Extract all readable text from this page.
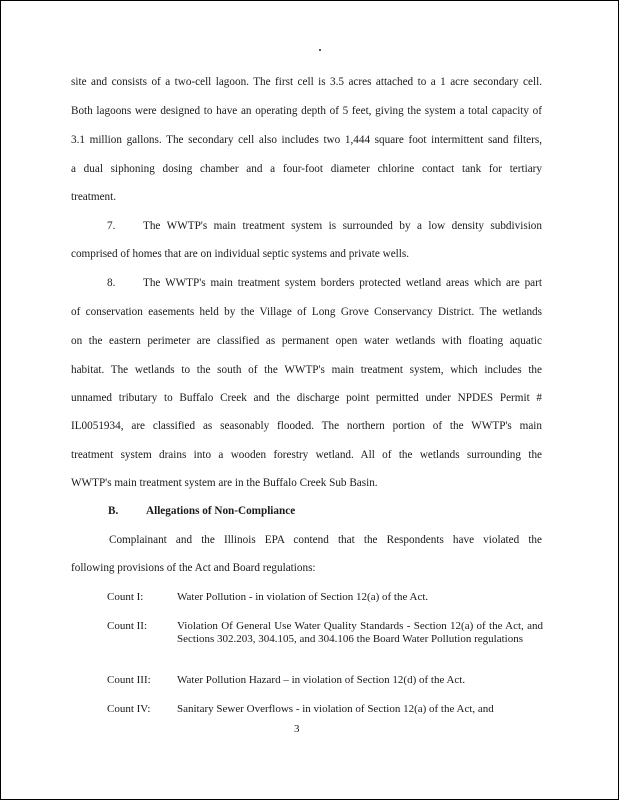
site and consists of a two-cell lagoon. The first cell is 3.5 acres attached to a 1 acre secondary cell.
Both lagoons were designed to have an operating depth of 5 feet, giving the system a total capacity of
3.1 million gallons. The secondary cell also includes two 1,444 square foot intermittent sand filters,
a dual siphoning dosing chamber and a four-foot diameter chlorine contact tank for tertiary
treatment.
7. The WWTP's main treatment system is surrounded by a low density subdivision
comprised of homes that are on individual septic systems and private wells.
8. The WWTP's main treatment system borders protected wetland areas which are part
of conservation easements held by the Village of Long Grove Conservancy District. The wetlands
on the eastern perimeter are classified as permanent open water wetlands with floating aquatic
habitat. The wetlands to the south of the WWTP's main treatment system, which includes the
unnamed tributary to Buffalo Creek and the discharge point permitted under NPDES Permit #
IL0051934, are classified as seasonably flooded. The northern portion of the WWTP's main
treatment system drains into a wooden forestry wetland. All of the wetlands surrounding the
WWTP's main treatment system are in the Buffalo Creek Sub Basin.
B. Allegations of Non-Compliance
Complainant and the Illinois EPA contend that the Respondents have violated the
following provisions of the Act and Board regulations:
Count I:	Water Pollution - in violation of Section 12(a) of the Act.
Count II:	Violation Of General Use Water Quality Standards - Section 12(a) of the Act, and Sections 302.203, 304.105, and 304.106 the Board Water Pollution regulations
Count III: Water Pollution Hazard – in violation of Section 12(d) of the Act.
Count IV: Sanitary Sewer Overflows - in violation of Section 12(a) of the Act, and
3
